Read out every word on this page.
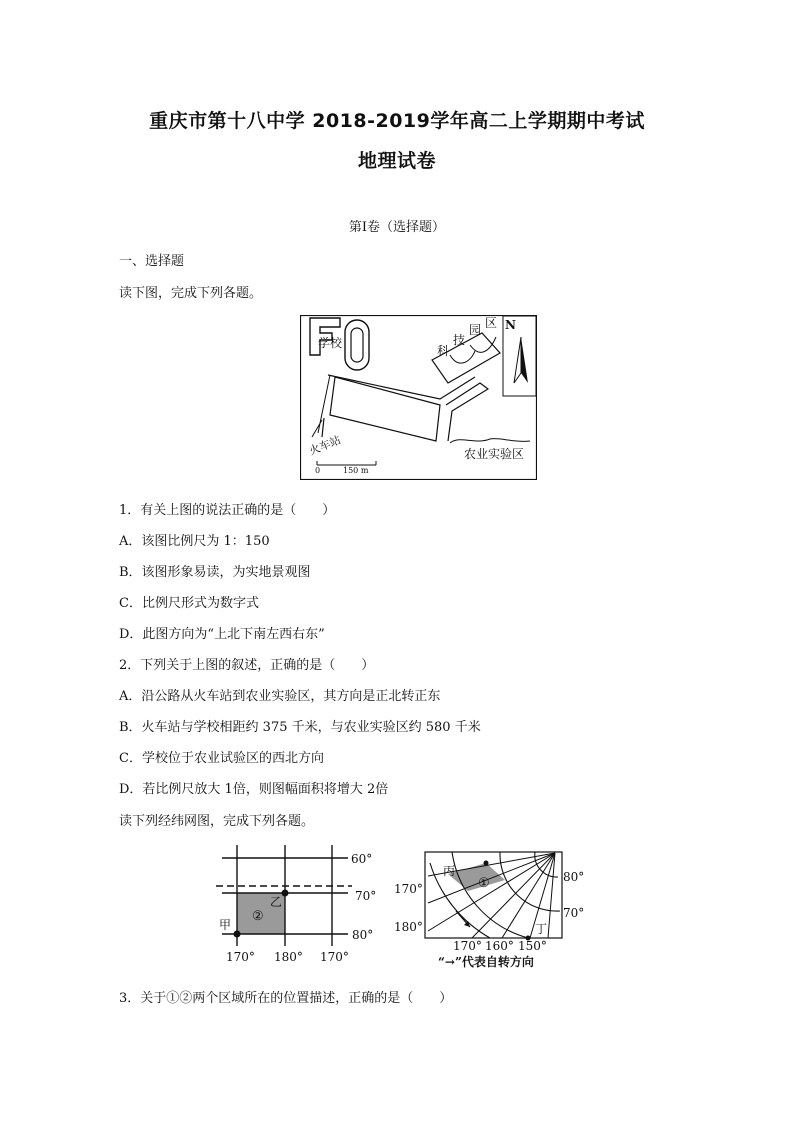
重庆市第十八中学 2018-2019学年高二上学期期中考试
地理试卷
第Ⅰ卷（选择题）
一、选择题
读下图，完成下列各题。
学校
科
技
园 区 N
农业实验区
火车站
0	150 m
1．有关上图的说法正确的是（　　）
A．该图比例尺为 1：150
B．该图形象易读，为实地景观图
C．比例尺形式为数字式
D．此图方向为“上北下南左西右东”
2．下列关于上图的叙述，正确的是（　　）
A．沿公路从火车站到农业实验区，其方向是正北转正东
B．火车站与学校相距约 375 千米，与农业实验区约 580 千米
C．学校位于农业试验区的西北方向
D．若比例尺放大 1倍，则图幅面积将增大 2倍
读下列经纬网图，完成下列各题。
60°
70°
80°
170° 180° 170°
甲
乙
②
丙
丁
①
170°
180°
80°
70°
170° 160° 150°
“→”代表自转方向
3．关于①②两个区域所在的位置描述，正确的是（　　）
